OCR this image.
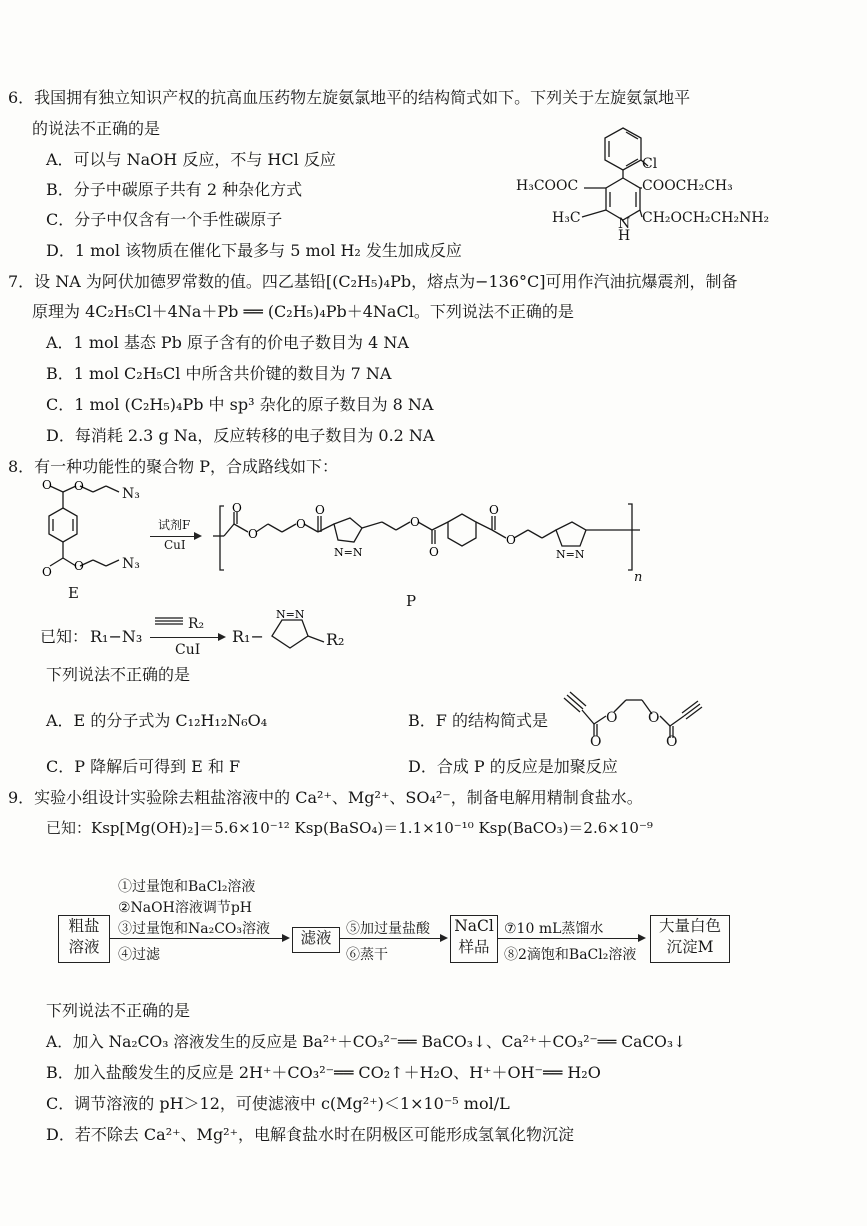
6．我国拥有独立知识产权的抗高血压药物左旋氨氯地平的结构简式如下。下列关于左旋氨氯地平
的说法不正确的是
A．可以与 NaOH 反应，不与 HCl 反应
B．分子中碳原子共有 2 种杂化方式
C．分子中仅含有一个手性碳原子
D．1 mol 该物质在催化下最多与 5 mol H₂ 发生加成反应
Cl
H₃COOC	COOCH₂CH₃
H₃C	N
H
CH₂OCH₂CH₂NH₂
7．设 NA 为阿伏加德罗常数的值。四乙基铅[(C₂H₅)₄Pb，熔点为−136°C]可用作汽油抗爆震剂，制备
原理为 4C₂H₅Cl＋4Na＋Pb ══ (C₂H₅)₄Pb＋4NaCl。下列说法不正确的是
A．1 mol 基态 Pb 原子含有的价电子数目为 4 NA
B．1 mol C₂H₅Cl 中所含共价键的数目为 7 NA
C．1 mol (C₂H₅)₄Pb 中 sp³ 杂化的原子数目为 8 NA
D．每消耗 2.3 g Na，反应转移的电子数目为 0.2 NA
8．有一种功能性的聚合物 P，合成路线如下：
O O
O O
N₃
N₃
E
试剂F
CuI
O
O
O
O
O
O
O
O
N=N	N=N
n
P
已知： R₁−N₃
R₂
CuI
R₁−
N=N
R₂
下列说法不正确的是
A．E 的分子式为 C₁₂H₁₂N₆O₄	B．F 的结构简式是	O
O
O
O
C．P 降解后可得到 E 和 F	D．合成 P 的反应是加聚反应
9．实验小组设计实验除去粗盐溶液中的 Ca²⁺、Mg²⁺、SO₄²⁻，制备电解用精制食盐水。
已知：Ksp[Mg(OH)₂]＝5.6×10⁻¹² Ksp(BaSO₄)＝1.1×10⁻¹⁰ Ksp(BaCO₃)＝2.6×10⁻⁹
①过量饱和BaCl₂溶液
②NaOH溶液调节pH
③过量饱和Na₂CO₃溶液
④过滤
粗盐
溶液	滤液	⑤加过量盐酸
⑥蒸干
NaCl
样品
⑦10 mL蒸馏水
⑧2滴饱和BaCl₂溶液
大量白色
沉淀M
下列说法不正确的是
A．加入 Na₂CO₃ 溶液发生的反应是 Ba²⁺＋CO₃²⁻══ BaCO₃↓、Ca²⁺＋CO₃²⁻══ CaCO₃↓
B．加入盐酸发生的反应是 2H⁺＋CO₃²⁻══ CO₂↑＋H₂O、H⁺＋OH⁻══ H₂O
C．调节溶液的 pH＞12，可使滤液中 c(Mg²⁺)＜1×10⁻⁵ mol/L
D．若不除去 Ca²⁺、Mg²⁺，电解食盐水时在阴极区可能形成氢氧化物沉淀
